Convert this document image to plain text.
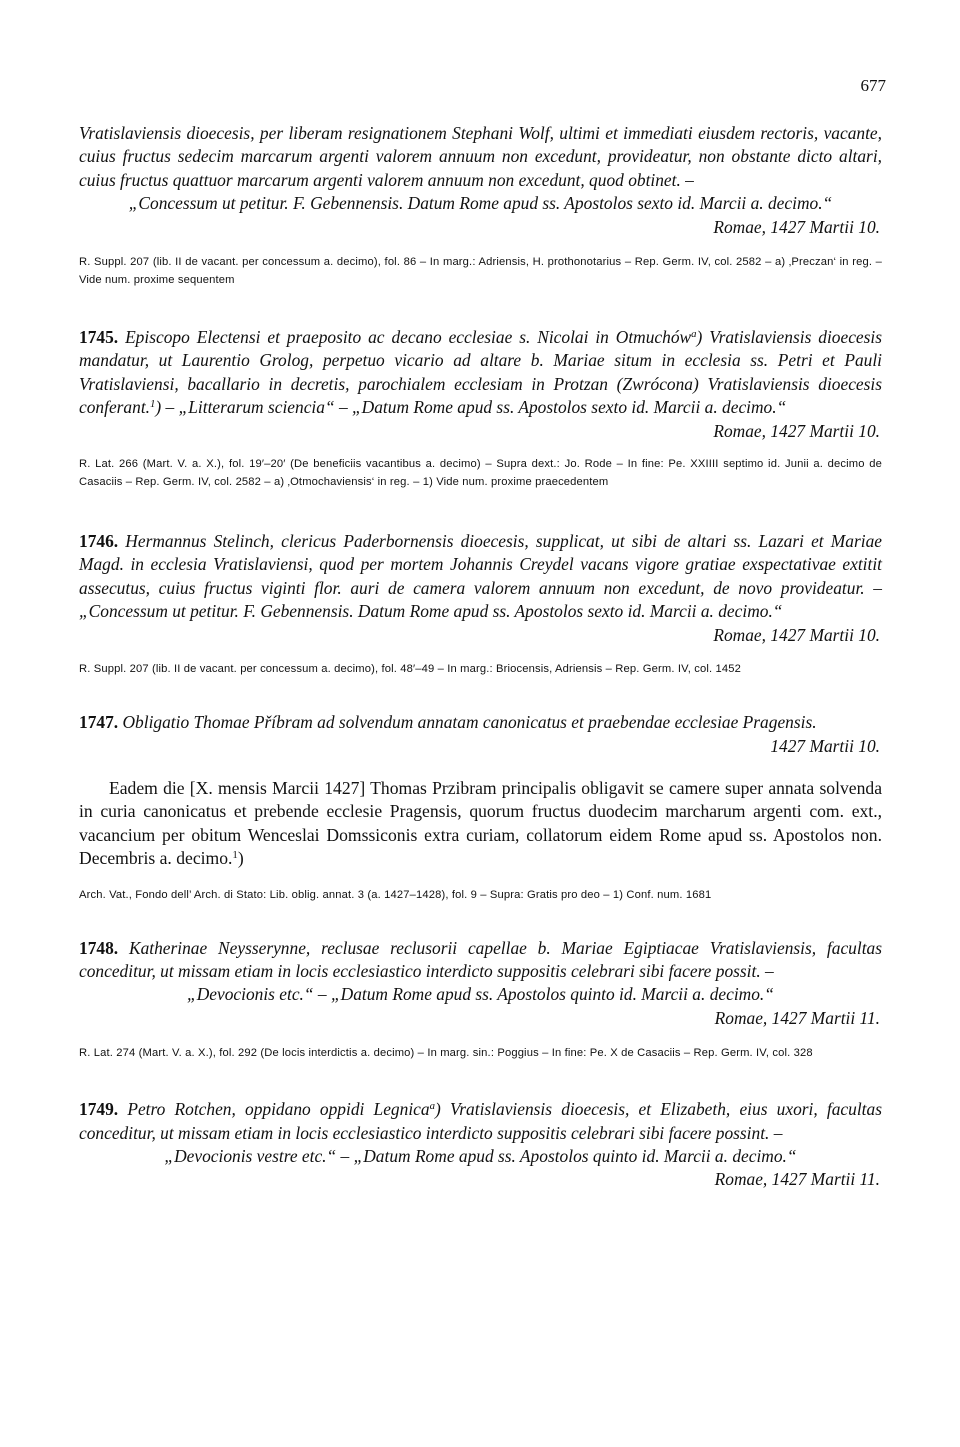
677

Vratislaviensis dioecesis, per liberam resignationem Stephani Wolf, ultimi et immediati eiusdem rectoris, vacante, cuius fructus sedecim marcarum argenti valorem annuum non excedunt, provideatur, non obstante dicto altari, cuius fructus quattuor marcarum argenti valorem annuum non excedunt, quod obtinet. –

„Concessum ut petitur. F. Gebennensis. Datum Rome apud ss. Apostolos sexto id. Marcii a. decimo.“

Romae, 1427 Martii 10.

R. Suppl. 207 (lib. II de vacant. per concessum a. decimo), fol. 86 – In marg.: Adriensis, H. prothonotarius – Rep. Germ. IV, col. 2582 – a) ‚Preczan‘ in reg. – Vide num. proxime sequentem

1745. Episcopo Electensi et praeposito ac decano ecclesiae s. Nicolai in Otmuchów$^a$) Vratislaviensis dioecesis mandatur, ut Laurentio Grolog, perpetuo vicario ad altare b. Mariae situm in ecclesia ss. Petri et Pauli Vratislaviensi, bacallario in decretis, parochialem ecclesiam in Protzan (Zwrócona) Vratislaviensis dioecesis conferant.$^1$) – „Litterarum sciencia“ – „Datum Rome apud ss. Apostolos sexto id. Marcii a. decimo.“

Romae, 1427 Martii 10.

R. Lat. 266 (Mart. V. a. X.), fol. 19′–20′ (De beneficiis vacantibus a. decimo) – Supra dext.: Jo. Rode – In fine: Pe. XXIIII septimo id. Junii a. decimo de Casaciis – Rep. Germ. IV, col. 2582 – a) ‚Otmochaviensis‘ in reg. – 1) Vide num. proxime praecedentem

1746. Hermannus Stelinch, clericus Paderbornensis dioecesis, supplicat, ut sibi de altari ss. Lazari et Mariae Magd. in ecclesia Vratislaviensi, quod per mortem Johannis Creydel vacans vigore gratiae exspectativae extitit assecutus, cuius fructus viginti flor. auri de camera valorem annuum non excedunt, de novo provideatur. – „Concessum ut petitur. F. Gebennensis. Datum Rome apud ss. Apostolos sexto id. Marcii a. decimo.“

Romae, 1427 Martii 10.

R. Suppl. 207 (lib. II de vacant. per concessum a. decimo), fol. 48′–49 – In marg.: Briocensis, Adriensis – Rep. Germ. IV, col. 1452

1747. Obligatio Thomae Příbram ad solvendum annatam canonicatus et praebendae ecclesiae Pragensis.

1427 Martii 10.

Eadem die [X. mensis Marcii 1427] Thomas Przibram principalis obligavit se camere super annata solvenda in curia canonicatus et prebende ecclesie Pragensis, quorum fructus duodecim marcharum argenti com. ext., vacancium per obitum Wenceslai Domssiconis extra curiam, collatorum eidem Rome apud ss. Apostolos non. Decembris a. decimo.$^1$)

Arch. Vat., Fondo dell’ Arch. di Stato: Lib. oblig. annat. 3 (a. 1427–1428), fol. 9 – Supra: Gratis pro deo – 1) Conf. num. 1681

1748. Katherinae Neysserynne, reclusae reclusorii capellae b. Mariae Egiptiacae Vratislaviensis, facultas conceditur, ut missam etiam in locis ecclesiastico interdicto suppositis celebrari sibi facere possit. –

„Devocionis etc.“ – „Datum Rome apud ss. Apostolos quinto id. Marcii a. decimo.“

Romae, 1427 Martii 11.

R. Lat. 274 (Mart. V. a. X.), fol. 292 (De locis interdictis a. decimo) – In marg. sin.: Poggius – In fine: Pe. X de Casaciis – Rep. Germ. IV, col. 328

1749. Petro Rotchen, oppidano oppidi Legnica$^a$) Vratislaviensis dioecesis, et Elizabeth, eius uxori, facultas conceditur, ut missam etiam in locis ecclesiastico interdicto suppositis celebrari sibi facere possint. –

„Devocionis vestre etc.“ – „Datum Rome apud ss. Apostolos quinto id. Marcii a. decimo.“

Romae, 1427 Martii 11.
